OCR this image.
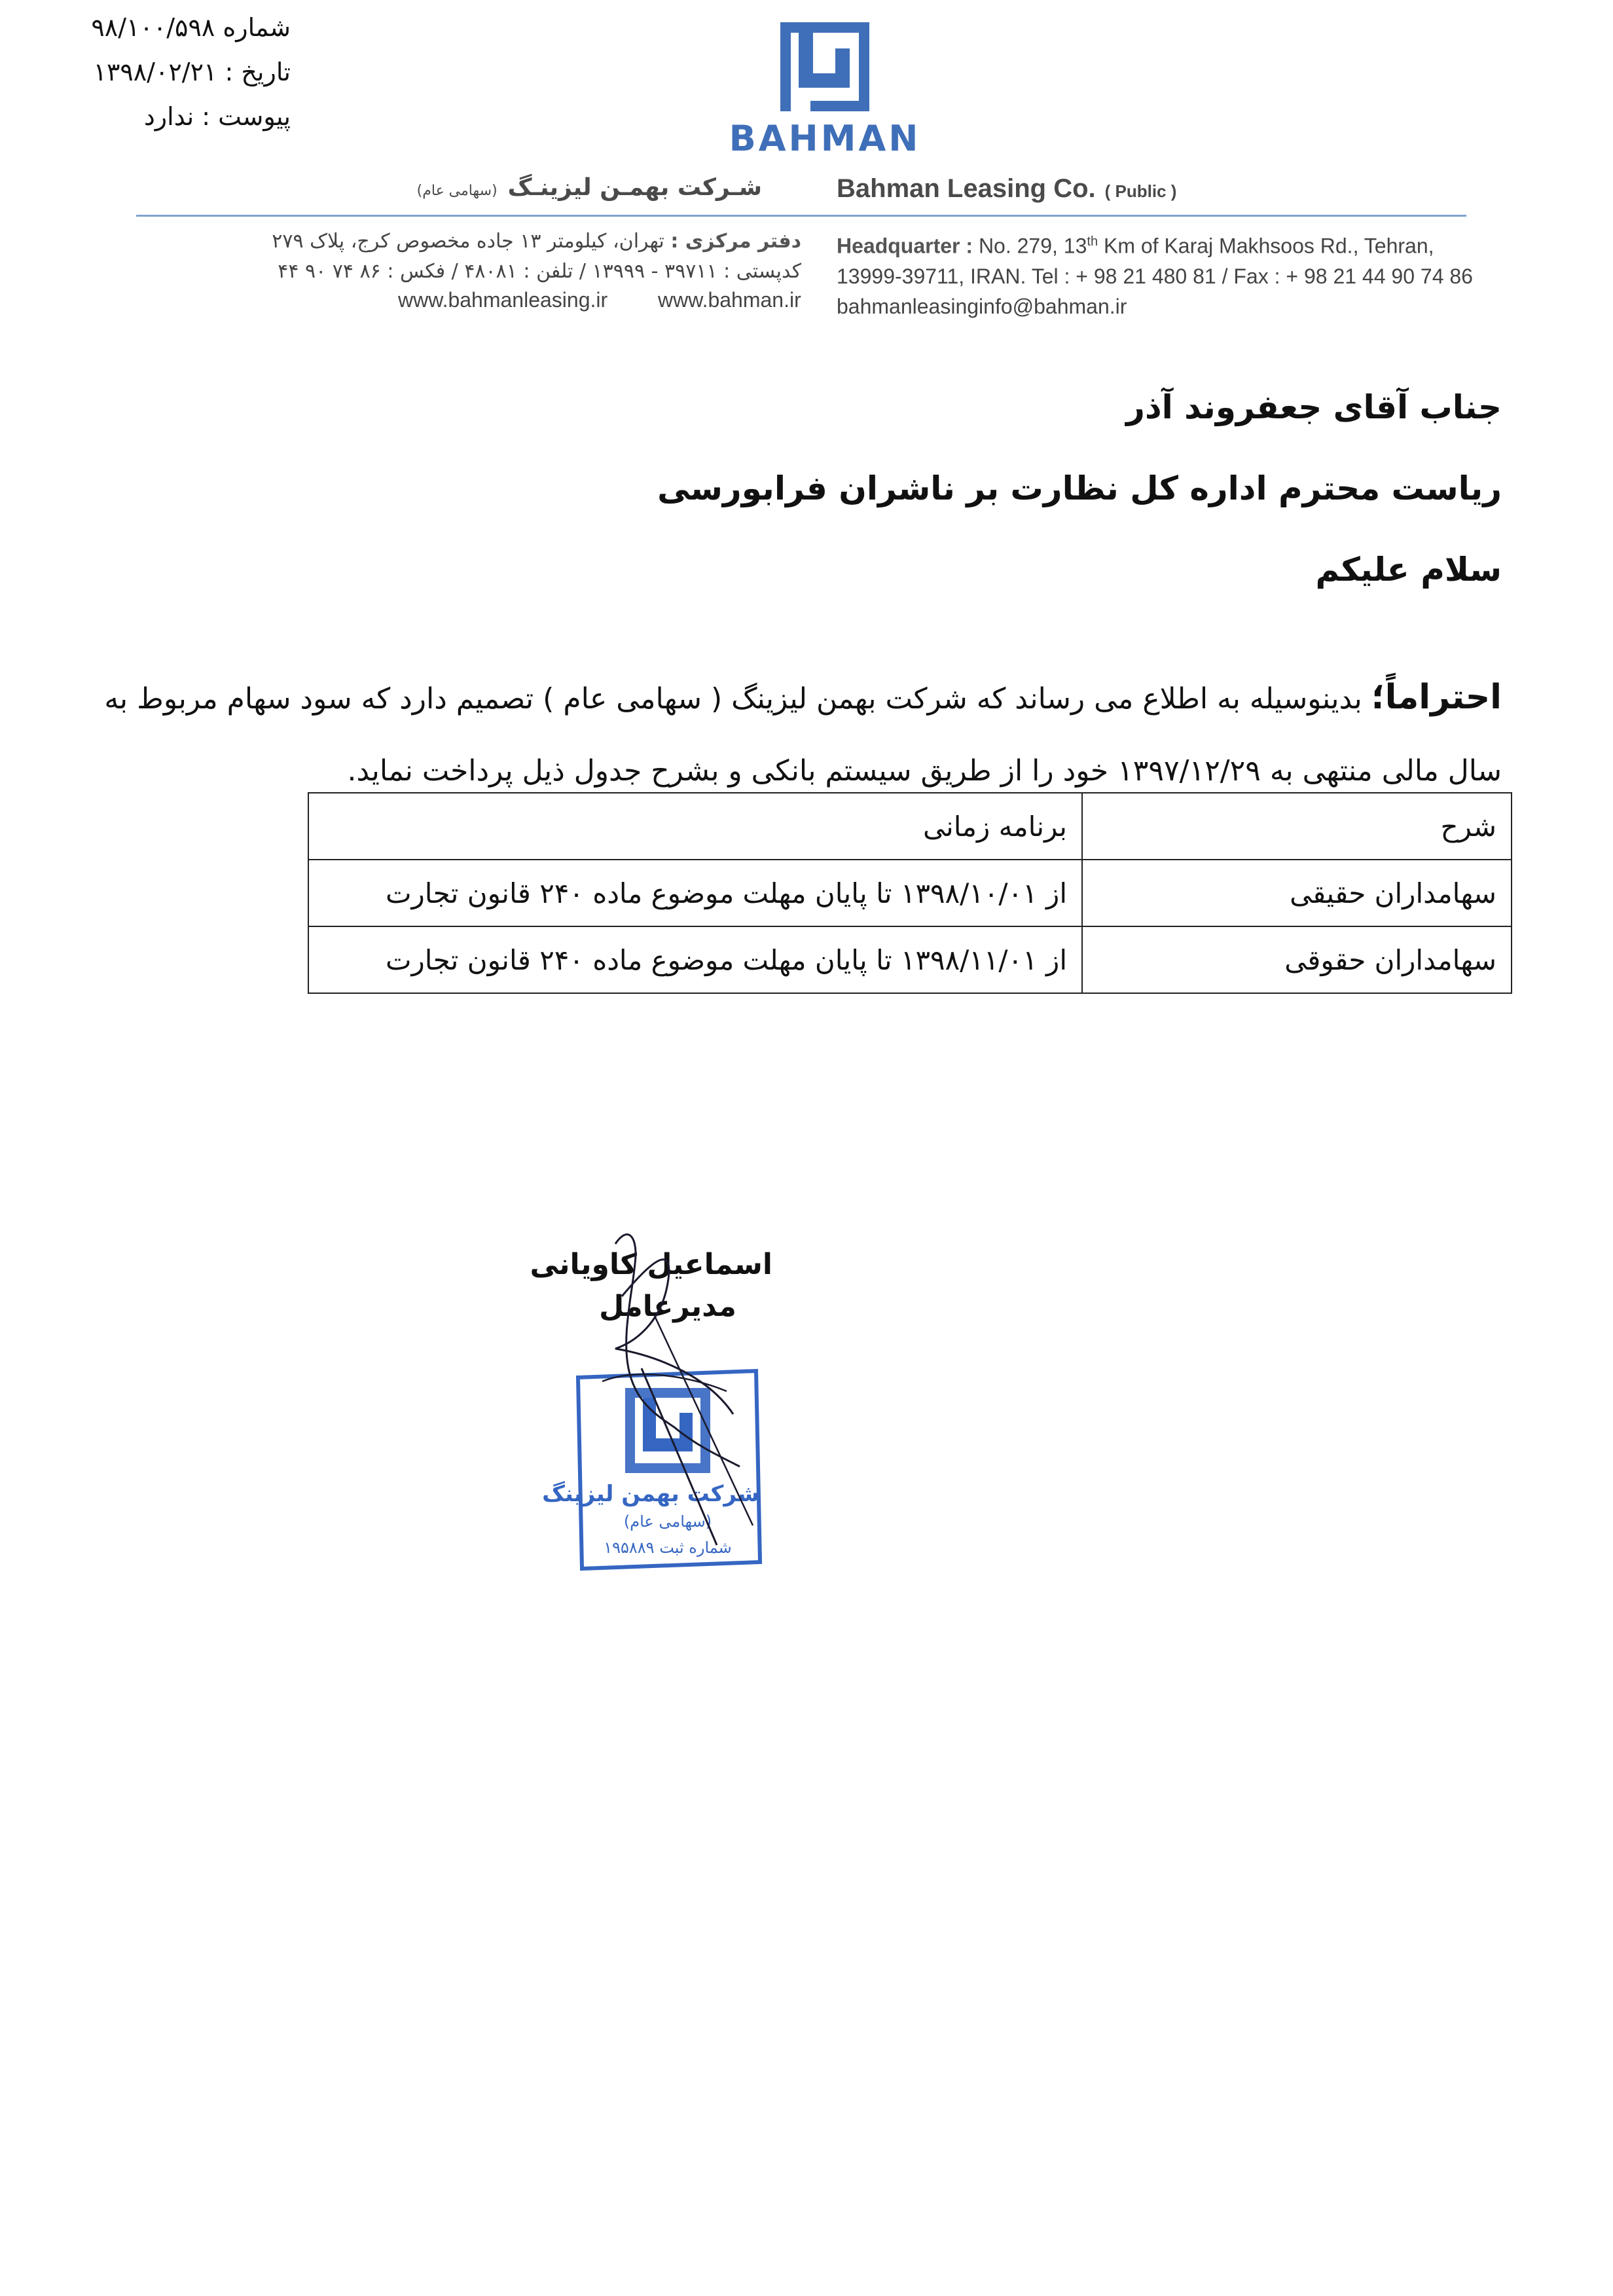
شماره ۹۸/۱۰۰/۵۹۸
تاریخ : ۱۳۹۸/۰۲/۲۱
پیوست : ندارد
BAHMAN
Bahman Leasing Co. ( Public )
شـرکت بهمـن لیزینـگ(سهامی عام)
Headquarter : No. 279, 13th Km of Karaj Makhsoos Rd., Tehran,
13999-39711, IRAN. Tel : + 98 21 480 81 / Fax : + 98 21 44 90 74 86
bahmanleasinginfo@bahman.ir
دفتر مرکزی : تهران، کیلومتر ۱۳ جاده مخصوص کرج، پلاک ۲۷۹
کدپستی : ۳۹۷۱۱ - ۱۳۹۹۹ / تلفن : ۴۸۰۸۱ / فکس : ۸۶ ۷۴ ۹۰ ۴۴
www.bahmanleasing.ir www.bahman.ir
جناب آقای جعفروند آذر
ریاست محترم اداره کل نظارت بر ناشران فرابورسی
سلام علیکم
احتراماً؛ بدینوسیله به اطلاع می رساند که شرکت بهمن لیزینگ ( سهامی عام ) تصمیم دارد که سود سهام مربوط به
سال مالی منتهی به ۱۳۹۷/۱۲/۲۹ خود را از طریق سیستم بانکی و بشرح جدول ذیل پرداخت نماید.
شرح	برنامه زمانی
سهامداران حقیقی	از ۱۳۹۸/۱۰/۰۱ تا پایان مهلت موضوع ماده ۲۴۰ قانون تجارت
سهامداران حقوقی	از ۱۳۹۸/۱۱/۰۱ تا پایان مهلت موضوع ماده ۲۴۰ قانون تجارت
اسماعیل کاویانی
مدیرعامل
شرکت بهمن لیزینگ
(سهامی عام)
شماره ثبت ۱۹۵۸۸۹
